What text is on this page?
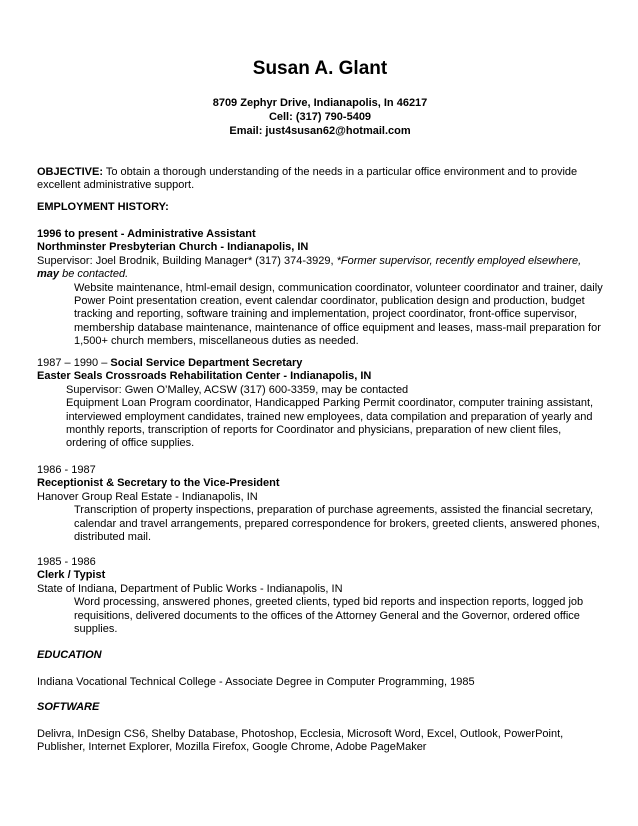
Susan A. Glant
8709 Zephyr Drive, Indianapolis, In 46217
Cell: (317) 790-5409
Email: just4susan62@hotmail.com

OBJECTIVE: To obtain a thorough understanding of the needs in a particular office environment and to provide excellent administrative support.

EMPLOYMENT HISTORY:

1996 to present - Administrative Assistant

Northminster Presbyterian Church - Indianapolis, IN

Supervisor: Joel Brodnik, Building Manager* (317) 374-3929, *Former supervisor, recently employed elsewhere, may be contacted.

Website maintenance, html-email design, communication coordinator, volunteer coordinator and trainer, daily Power Point presentation creation, event calendar coordinator, publication design and production, budget tracking and reporting, software training and implementation, project coordinator, front-office supervisor, membership database maintenance, maintenance of office equipment and leases, mass-mail preparation for 1,500+ church members, miscellaneous duties as needed.

1987 – 1990 – Social Service Department Secretary

Easter Seals Crossroads Rehabilitation Center - Indianapolis, IN

Supervisor: Gwen O’Malley, ACSW (317) 600-3359, may be contacted

Equipment Loan Program coordinator, Handicapped Parking Permit coordinator, computer training assistant, interviewed employment candidates, trained new employees, data compilation and preparation of yearly and monthly reports, transcription of reports for Coordinator and physicians, preparation of new client files, ordering of office supplies.

1986 - 1987

Receptionist & Secretary to the Vice-President

Hanover Group Real Estate - Indianapolis, IN

Transcription of property inspections, preparation of purchase agreements, assisted the financial secretary, calendar and travel arrangements, prepared correspondence for brokers, greeted clients, answered phones, distributed mail.

1985 - 1986

Clerk / Typist

State of Indiana, Department of Public Works - Indianapolis, IN

Word processing, answered phones, greeted clients, typed bid reports and inspection reports, logged job requisitions, delivered documents to the offices of the Attorney General and the Governor, ordered office supplies.

EDUCATION
Indiana Vocational Technical College - Associate Degree in Computer Programming, 1985
SOFTWARE
Delivra, InDesign CS6, Shelby Database, Photoshop, Ecclesia, Microsoft Word, Excel, Outlook, PowerPoint, Publisher, Internet Explorer, Mozilla Firefox, Google Chrome, Adobe PageMaker
